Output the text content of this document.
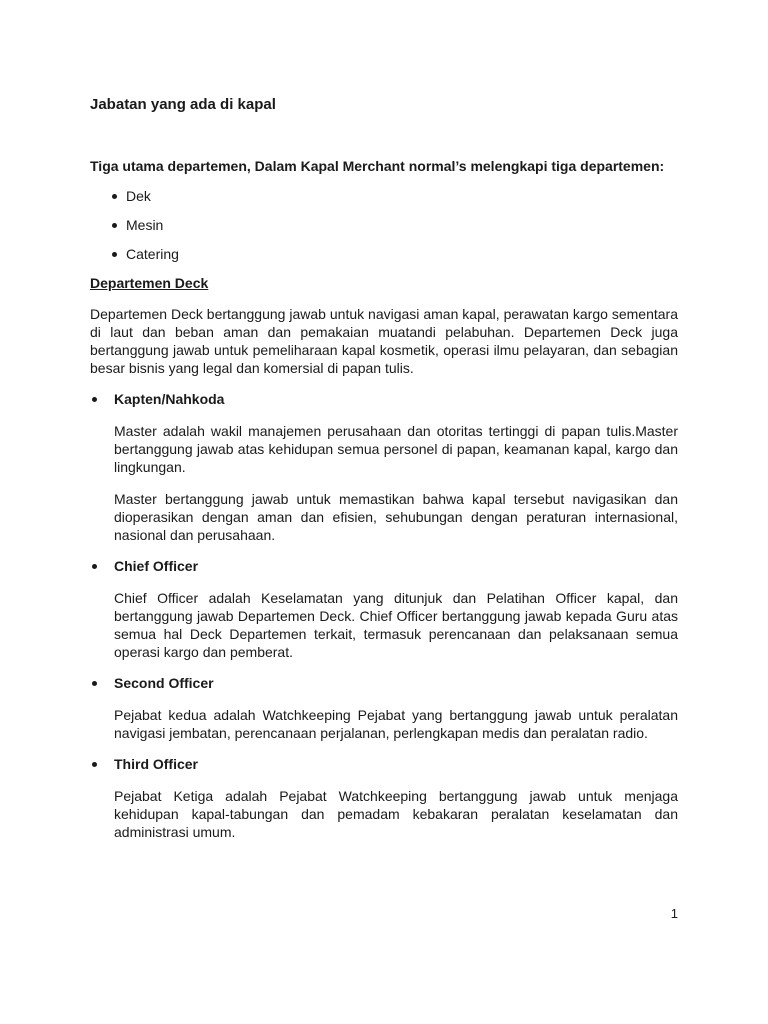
Jabatan yang ada di kapal

Tiga utama departemen, Dalam Kapal Merchant normal’s melengkapi tiga departemen:

Dek
Mesin
Catering
Departemen Deck

Departemen Deck bertanggung jawab untuk navigasi aman kapal, perawatan kargo sementara di laut dan beban aman dan pemakaian muatandi pelabuhan. Departemen Deck juga bertanggung jawab untuk pemeliharaan kapal kosmetik, operasi ilmu pelayaran, dan sebagian besar bisnis yang legal dan komersial di papan tulis.

Kapten/Nahkoda

Master adalah wakil manajemen perusahaan dan otoritas tertinggi di papan tulis.Master bertanggung jawab atas kehidupan semua personel di papan, keamanan kapal, kargo dan lingkungan.

Master bertanggung jawab untuk memastikan bahwa kapal tersebut navigasikan dan dioperasikan dengan aman dan efisien, sehubungan dengan peraturan internasional, nasional dan perusahaan.

Chief Officer

Chief Officer adalah Keselamatan yang ditunjuk dan Pelatihan Officer kapal, dan bertanggung jawab Departemen Deck. Chief Officer bertanggung jawab kepada Guru atas semua hal Deck Departemen terkait, termasuk perencanaan dan pelaksanaan semua operasi kargo dan pemberat.

Second Officer

Pejabat kedua adalah Watchkeeping Pejabat yang bertanggung jawab untuk peralatan navigasi jembatan, perencanaan perjalanan, perlengkapan medis dan peralatan radio.

Third Officer

Pejabat Ketiga adalah Pejabat Watchkeeping bertanggung jawab untuk menjaga kehidupan kapal-tabungan dan pemadam kebakaran peralatan keselamatan dan administrasi umum.

1
